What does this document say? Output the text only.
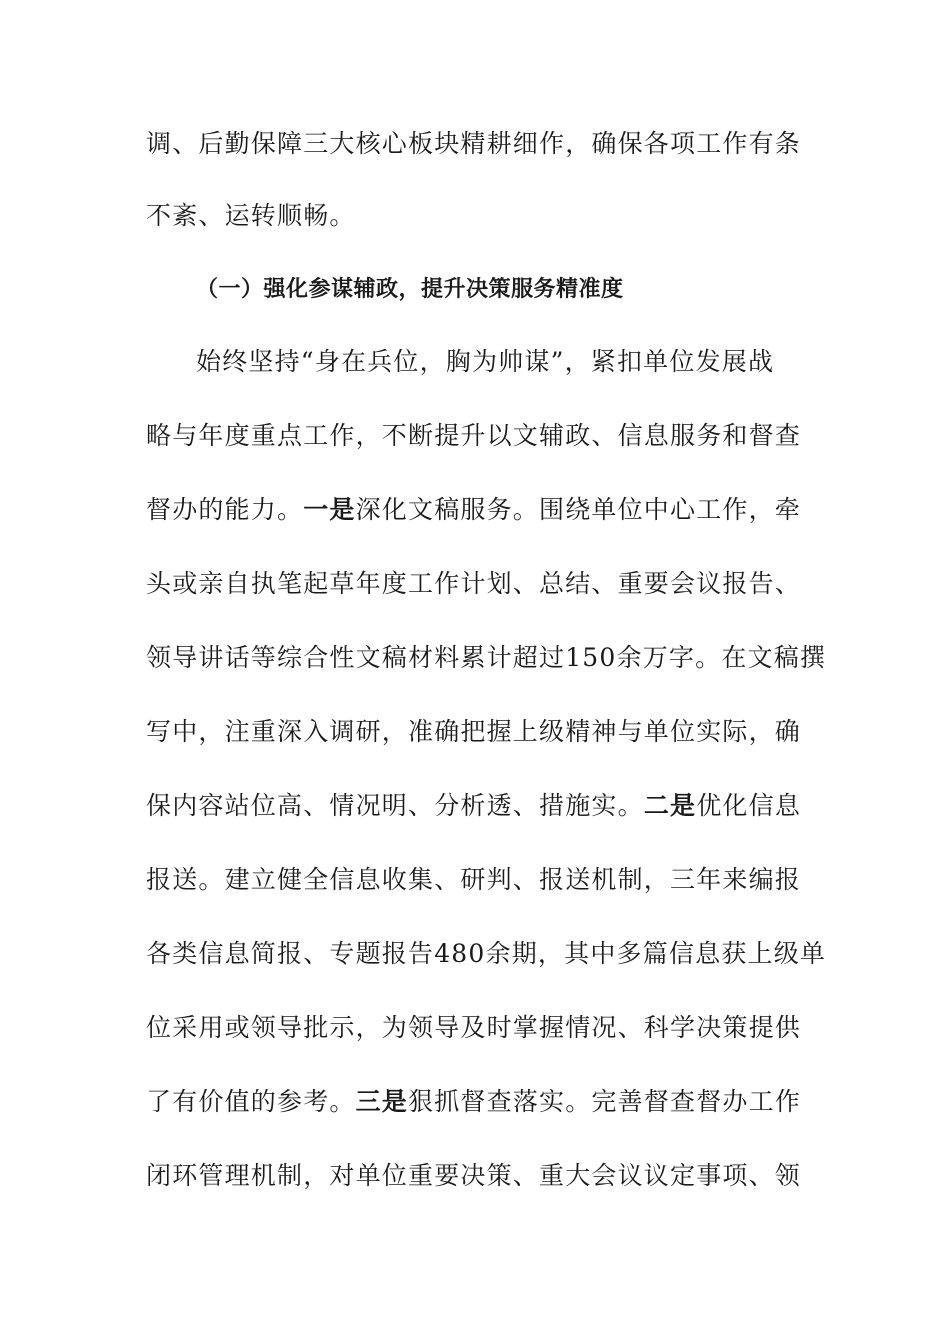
调、后勤保障三大核心板块精耕细作，确保各项工作有条
不紊、运转顺畅。
（一）强化参谋辅政，提升决策服务精准度
始终坚持“身在兵位，胸为帅谋”，紧扣单位发展战
略与年度重点工作，不断提升以文辅政、信息服务和督查
督办的能力。一是深化文稿服务。围绕单位中心工作，牵
头或亲自执笔起草年度工作计划、总结、重要会议报告、
领导讲话等综合性文稿材料累计超过150余万字。在文稿撰
写中，注重深入调研，准确把握上级精神与单位实际，确
保内容站位高、情况明、分析透、措施实。二是优化信息
报送。建立健全信息收集、研判、报送机制，三年来编报
各类信息简报、专题报告480余期，其中多篇信息获上级单
位采用或领导批示，为领导及时掌握情况、科学决策提供
了有价值的参考。三是狠抓督查落实。完善督查督办工作
闭环管理机制，对单位重要决策、重大会议议定事项、领
